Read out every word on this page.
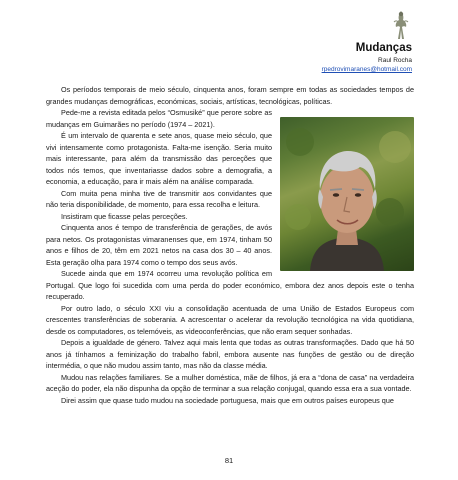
Mudanças
Raul Rocha
rpedrovimaranes@hotmail.com

Os períodos temporais de meio século, cinquenta anos, foram sempre em todas as sociedades tempos de grandes mudanças demográficas, económicas, sociais, artísticas, tecnológicas, políticas.

Pede-me a revista editada pelos “Osmusiké” que perore sobre as mudanças em Guimarães no período (1974 – 2021).

É um intervalo de quarenta e sete anos, quase meio século, que vivi intensamente como protagonista. Falta-me isenção. Seria muito mais interessante, para além da transmissão das perceções que todos nós temos, que inventariasse dados sobre a demografia, a economia, a educação, para ir mais além na análise comparada.

Com muita pena minha tive de transmitir aos convidantes que não teria disponibilidade, de momento, para essa recolha e leitura.

Insistiram que ficasse pelas perceções.

Cinquenta anos é tempo de transferência de gerações, de avós para netos. Os protagonistas vimaranenses que, em 1974, tinham 50 anos e filhos de 20, têm em 2021 netos na casa dos 30 – 40 anos. Esta geração olha para 1974 como o tempo dos seus avós.

Sucede ainda que em 1974 ocorreu uma revolução política em Portugal. Que logo foi sucedida com uma perda do poder económico, embora dez anos depois este o tenha recuperado.

Por outro lado, o século XXI viu a consolidação acentuada de uma União de Estados Europeus com crescentes transferências de soberania. A acrescentar o acelerar da revolução tecnológica na vida quotidiana, desde os computadores, os telemóveis, as videoconferências, que não eram sequer sonhadas.

Depois a igualdade de género. Talvez aqui mais lenta que todas as outras transformações. Dado que há 50 anos já tínhamos a feminização do trabalho fabril, embora ausente nas funções de gestão ou de direção intermédia, o que não mudou assim tanto, mas não da classe média.

Mudou nas relações familiares. Se a mulher doméstica, mãe de filhos, já era a “dona de casa” na verdadeira aceção do poder, ela não dispunha da opção de terminar a sua relação conjugal, quando essa era a sua vontade.

Direi assim que quase tudo mudou na sociedade portuguesa, mais que em outros países europeus que

81
